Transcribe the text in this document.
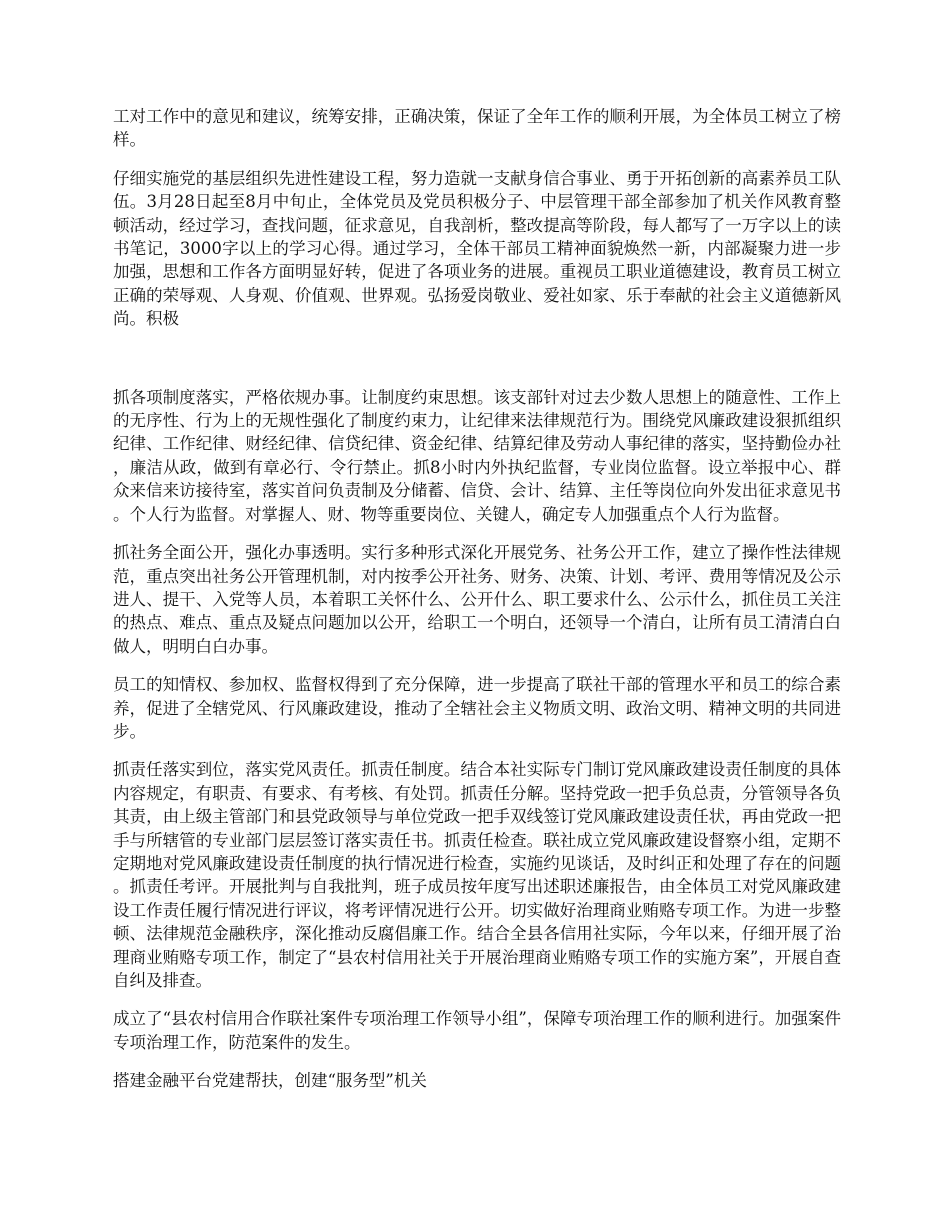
工对工作中的意见和建议，统筹安排，正确决策，保证了全年工作的顺利开展，为全体员工树立了榜样。

仔细实施党的基层组织先进性建设工程，努力造就一支献身信合事业、勇于开拓创新的高素养员工队伍。3月28日起至8月中旬止，全体党员及党员积极分子、中层管理干部全部参加了机关作风教育整顿活动，经过学习，查找问题，征求意见，自我剖析，整改提高等阶段，每人都写了一万字以上的读书笔记，3000字以上的学习心得。通过学习，全体干部员工精神面貌焕然一新，内部凝聚力进一步加强，思想和工作各方面明显好转，促进了各项业务的进展。重视员工职业道德建设，教育员工树立正确的荣辱观、人身观、价值观、世界观。弘扬爱岗敬业、爱社如家、乐于奉献的社会主义道德新风尚。积极

抓各项制度落实，严格依规办事。让制度约束思想。该支部针对过去少数人思想上的随意性、工作上的无序性、行为上的无规性强化了制度约束力，让纪律来法律规范行为。围绕党风廉政建设狠抓组织纪律、工作纪律、财经纪律、信贷纪律、资金纪律、结算纪律及劳动人事纪律的落实，坚持勤俭办社，廉洁从政，做到有章必行、令行禁止。抓8小时内外执纪监督，专业岗位监督。设立举报中心、群众来信来访接待室，落实首问负责制及分储蓄、信贷、会计、结算、主任等岗位向外发出征求意见书。个人行为监督。对掌握人、财、物等重要岗位、关键人，确定专人加强重点个人行为监督。

抓社务全面公开，强化办事透明。实行多种形式深化开展党务、社务公开工作，建立了操作性法律规范，重点突出社务公开管理机制，对内按季公开社务、财务、决策、计划、考评、费用等情况及公示进人、提干、入党等人员，本着职工关怀什么、公开什么、职工要求什么、公示什么，抓住员工关注的热点、难点、重点及疑点问题加以公开，给职工一个明白，还领导一个清白，让所有员工清清白白做人，明明白白办事。

员工的知情权、参加权、监督权得到了充分保障，进一步提高了联社干部的管理水平和员工的综合素养，促进了全辖党风、行风廉政建设，推动了全辖社会主义物质文明、政治文明、精神文明的共同进步。

抓责任落实到位，落实党风责任。抓责任制度。结合本社实际专门制订党风廉政建设责任制度的具体内容规定，有职责、有要求、有考核、有处罚。抓责任分解。坚持党政一把手负总责，分管领导各负其责，由上级主管部门和县党政领导与单位党政一把手双线签订党风廉政建设责任状，再由党政一把手与所辖管的专业部门层层签订落实责任书。抓责任检查。联社成立党风廉政建设督察小组，定期不定期地对党风廉政建设责任制度的执行情况进行检查，实施约见谈话，及时纠正和处理了存在的问题。抓责任考评。开展批判与自我批判，班子成员按年度写出述职述廉报告，由全体员工对党风廉政建设工作责任履行情况进行评议，将考评情况进行公开。切实做好治理商业贿赂专项工作。为进一步整顿、法律规范金融秩序，深化推动反腐倡廉工作。结合全县各信用社实际，今年以来，仔细开展了治理商业贿赂专项工作，制定了“县农村信用社关于开展治理商业贿赂专项工作的实施方案”，开展自查自纠及排查。

成立了“县农村信用合作联社案件专项治理工作领导小组”，保障专项治理工作的顺利进行。加强案件专项治理工作，防范案件的发生。

搭建金融平台党建帮扶，创建“服务型”机关
